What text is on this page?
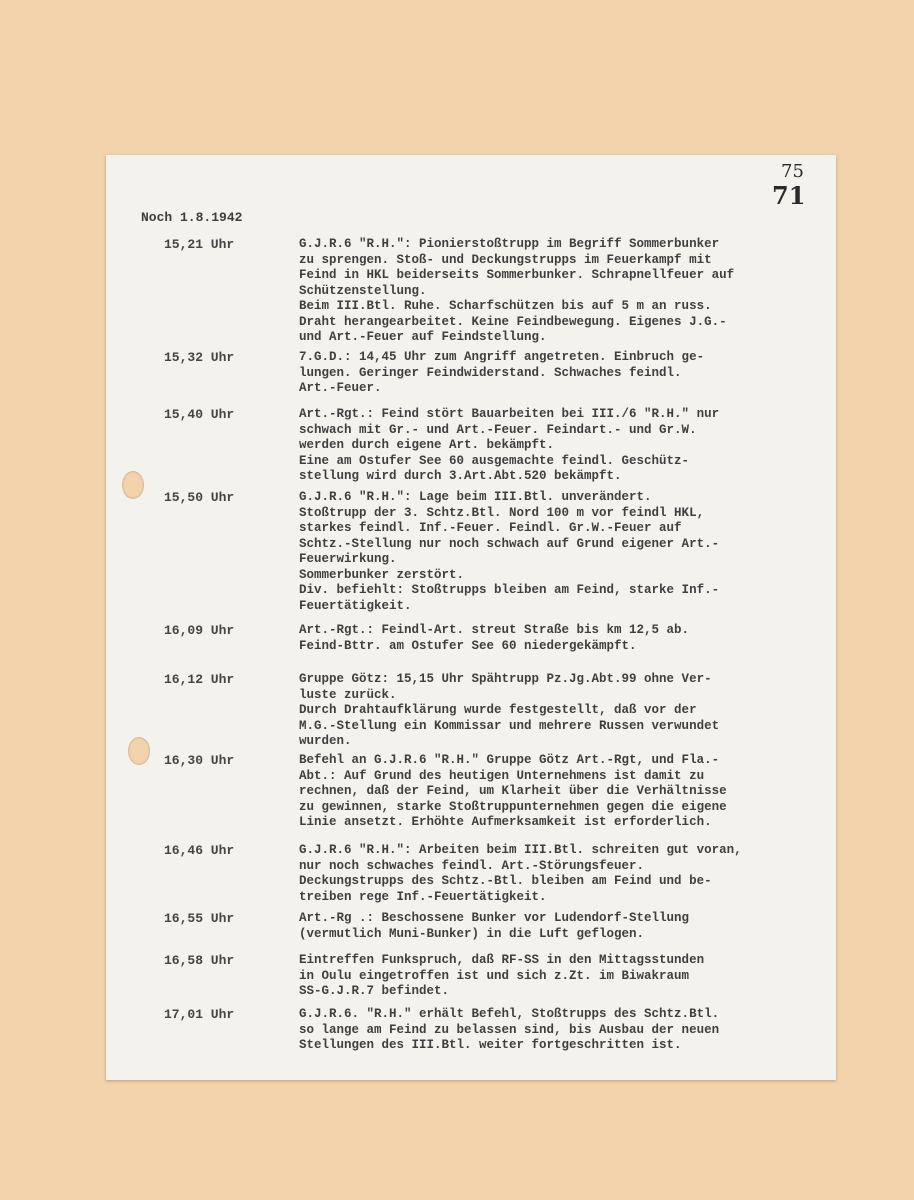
75
71
Noch 1.8.1942
15,21 Uhr	G.J.R.6 "R.H.": Pionierstoßtrupp im Begriff Sommerbunker
zu sprengen. Stoß- und Deckungstrupps im Feuerkampf mit
Feind in HKL beiderseits Sommerbunker. Schrapnellfeuer auf
Schützenstellung.
Beim III.Btl. Ruhe. Scharfschützen bis auf 5 m an russ.
Draht herangearbeitet. Keine Feindbewegung. Eigenes J.G.-
und Art.-Feuer auf Feindstellung.
15,32 Uhr	7.G.D.: 14,45 Uhr zum Angriff angetreten. Einbruch ge-
lungen. Geringer Feindwiderstand. Schwaches feindl.
Art.-Feuer.
15,40 Uhr	Art.-Rgt.: Feind stört Bauarbeiten bei III./6 "R.H." nur
schwach mit Gr.- und Art.-Feuer. Feindart.- und Gr.W.
werden durch eigene Art. bekämpft.
Eine am Ostufer See 60 ausgemachte feindl. Geschütz-
stellung wird durch 3.Art.Abt.520 bekämpft.
15,50 Uhr	G.J.R.6 "R.H.": Lage beim III.Btl. unverändert.
Stoßtrupp der 3. Schtz.Btl. Nord 100 m vor feindl HKL,
starkes feindl. Inf.-Feuer. Feindl. Gr.W.-Feuer auf
Schtz.-Stellung nur noch schwach auf Grund eigener Art.-
Feuerwirkung.
Sommerbunker zerstört.
Div. befiehlt: Stoßtrupps bleiben am Feind, starke Inf.-
Feuertätigkeit.
16,09 Uhr	Art.-Rgt.: Feindl-Art. streut Straße bis km 12,5 ab.
Feind-Bttr. am Ostufer See 60 niedergekämpft.
16,12 Uhr	Gruppe Götz: 15,15 Uhr Spähtrupp Pz.Jg.Abt.99 ohne Ver-
luste zurück.
Durch Drahtaufklärung wurde festgestellt, daß vor der
M.G.-Stellung ein Kommissar und mehrere Russen verwundet
wurden.
16,30 Uhr	Befehl an G.J.R.6 "R.H." Gruppe Götz Art.-Rgt, und Fla.-
Abt.: Auf Grund des heutigen Unternehmens ist damit zu
rechnen, daß der Feind, um Klarheit über die Verhältnisse
zu gewinnen, starke Stoßtruppunternehmen gegen die eigene
Linie ansetzt. Erhöhte Aufmerksamkeit ist erforderlich.
16,46 Uhr	G.J.R.6 "R.H.": Arbeiten beim III.Btl. schreiten gut voran,
nur noch schwaches feindl. Art.-Störungsfeuer.
Deckungstrupps des Schtz.-Btl. bleiben am Feind und be-
treiben rege Inf.-Feuertätigkeit.
16,55 Uhr	Art.-Rg .: Beschossene Bunker vor Ludendorf-Stellung
(vermutlich Muni-Bunker) in die Luft geflogen.
16,58 Uhr	Eintreffen Funkspruch, daß RF-SS in den Mittagsstunden
in Oulu eingetroffen ist und sich z.Zt. im Biwakraum
SS-G.J.R.7 befindet.
17,01 Uhr	G.J.R.6. "R.H." erhält Befehl, Stoßtrupps des Schtz.Btl.
so lange am Feind zu belassen sind, bis Ausbau der neuen
Stellungen des III.Btl. weiter fortgeschritten ist.
